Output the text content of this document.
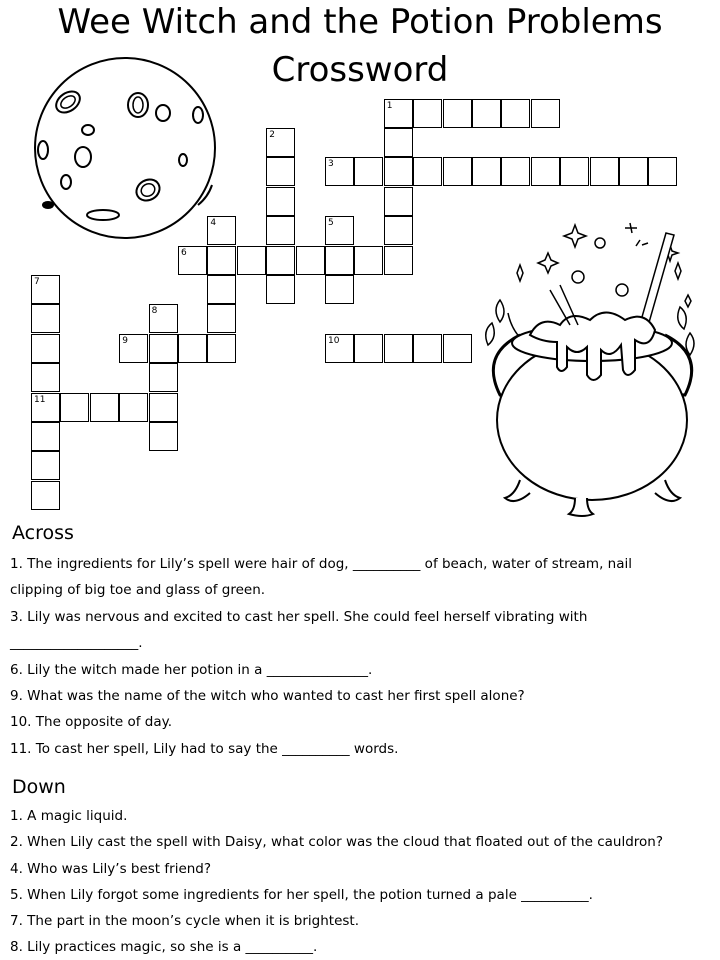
Wee Witch and the Potion Problems
Crossword
1
2
3
4	5
6
7
11
8
9	10
Across
1. The ingredients for Lily’s spell were hair of dog, __________ of beach, water of stream, nail
clipping of big toe and glass of green.
3. Lily was nervous and excited to cast her spell. She could feel herself vibrating with
___________________.
6. Lily the witch made her potion in a _______________.
9. What was the name of the witch who wanted to cast her first spell alone?
10. The opposite of day.
11. To cast her spell, Lily had to say the __________ words.
Down
1. A magic liquid.
2. When Lily cast the spell with Daisy, what color was the cloud that floated out of the cauldron?
4. Who was Lily’s best friend?
5. When Lily forgot some ingredients for her spell, the potion turned a pale __________.
7. The part in the moon’s cycle when it is brightest.
8. Lily practices magic, so she is a __________.
